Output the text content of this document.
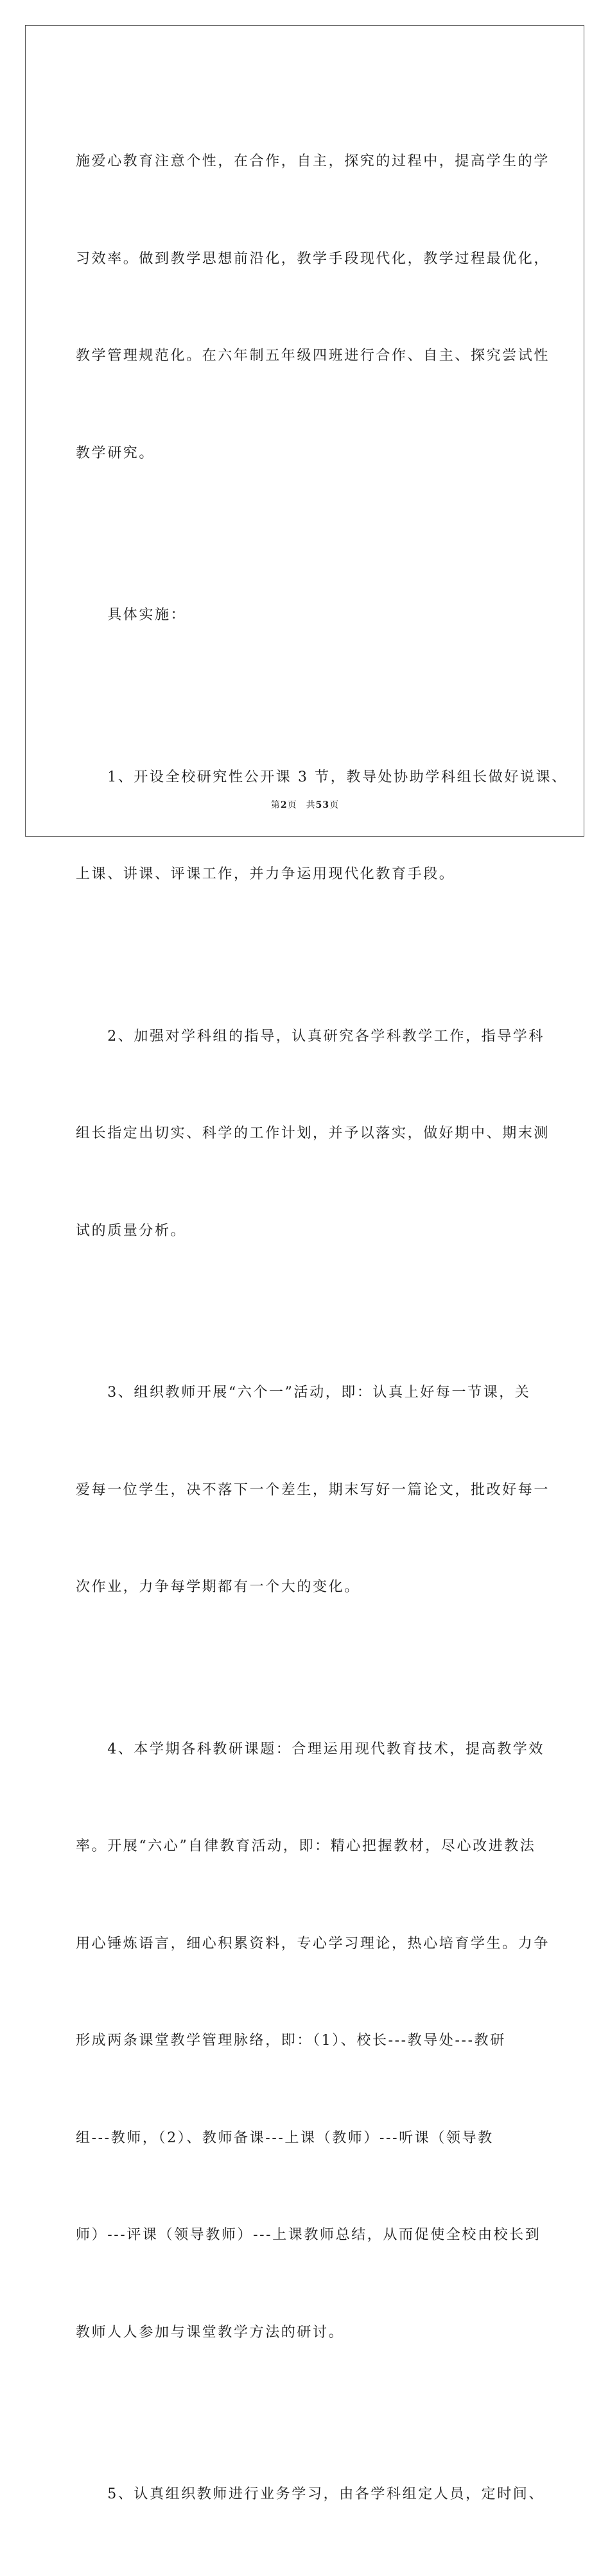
施爱心教育注意个性，在合作，自主，探究的过程中，提高学生的学

习效率。做到教学思想前沿化，教学手段现代化，教学过程最优化，

教学管理规范化。在六年制五年级四班进行合作、自主、探究尝试性

教学研究。

　　具体实施：

　　1、开设全校研究性公开课 3 节，教导处协助学科组长做好说课、

上课、讲课、评课工作，并力争运用现代化教育手段。

　　2、加强对学科组的指导，认真研究各学科教学工作，指导学科

组长指定出切实、科学的工作计划，并予以落实，做好期中、期末测

试的质量分析。

　　3、组织教师开展“六个一”活动，即：认真上好每一节课，关

爱每一位学生，决不落下一个差生，期末写好一篇论文，批改好每一

次作业，力争每学期都有一个大的变化。

　　4、本学期各科教研课题：合理运用现代教育技术，提高教学效

率。开展“六心”自律教育活动，即：精心把握教材，尽心改进教法

用心锤炼语言，细心积累资料，专心学习理论，热心培育学生。力争

形成两条课堂教学管理脉络，即：（1）、校长---教导处---教研

组---教师，（2）、教师备课---上课（教师）---听课（领导教

师）---评课（领导教师）---上课教师总结，从而促使全校由校长到

教师人人参加与课堂教学方法的研讨。

　　5、认真组织教师进行业务学习，由各学科组定人员，定时间、

第2页 共53页
